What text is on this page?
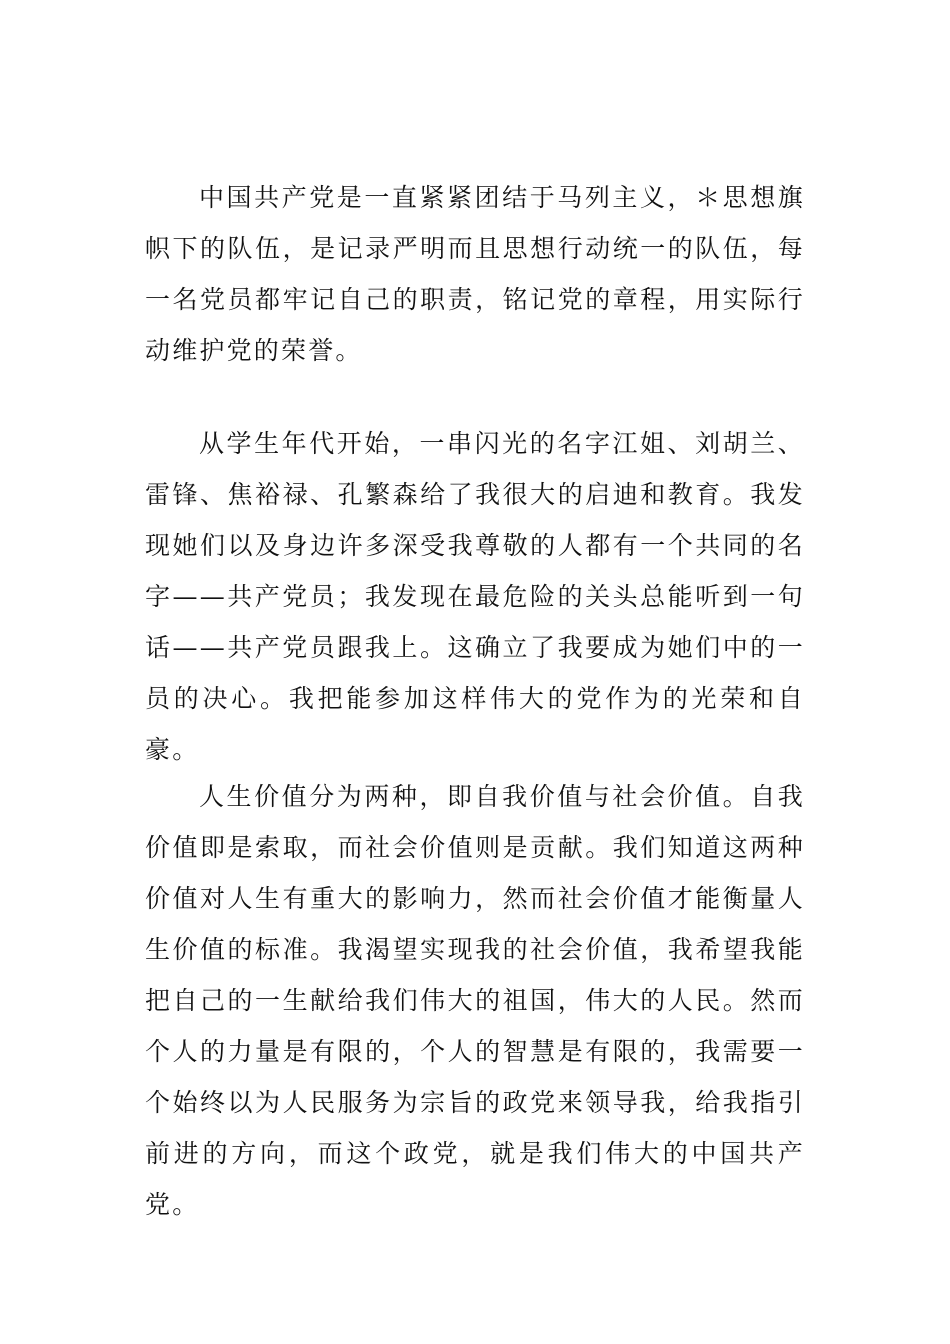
中国共产党是一直紧紧团结于马列主义，＊思想旗帜下的队伍，是记录严明而且思想行动统一的队伍，每一名党员都牢记自己的职责，铭记党的章程，用实际行动维护党的荣誉。

从学生年代开始，一串闪光的名字江姐、刘胡兰、雷锋、焦裕禄、孔繁森给了我很大的启迪和教育。我发现她们以及身边许多深受我尊敬的人都有一个共同的名字——共产党员；我发现在最危险的关头总能听到一句话——共产党员跟我上。这确立了我要成为她们中的一员的决心。我把能参加这样伟大的党作为的光荣和自豪。

人生价值分为两种，即自我价值与社会价值。自我价值即是索取，而社会价值则是贡献。我们知道这两种价值对人生有重大的影响力，然而社会价值才能衡量人生价值的标准。我渴望实现我的社会价值，我希望我能把自己的一生献给我们伟大的祖国，伟大的人民。然而个人的力量是有限的，个人的智慧是有限的，我需要一个始终以为人民服务为宗旨的政党来领导我，给我指引前进的方向，而这个政党，就是我们伟大的中国共产党。
